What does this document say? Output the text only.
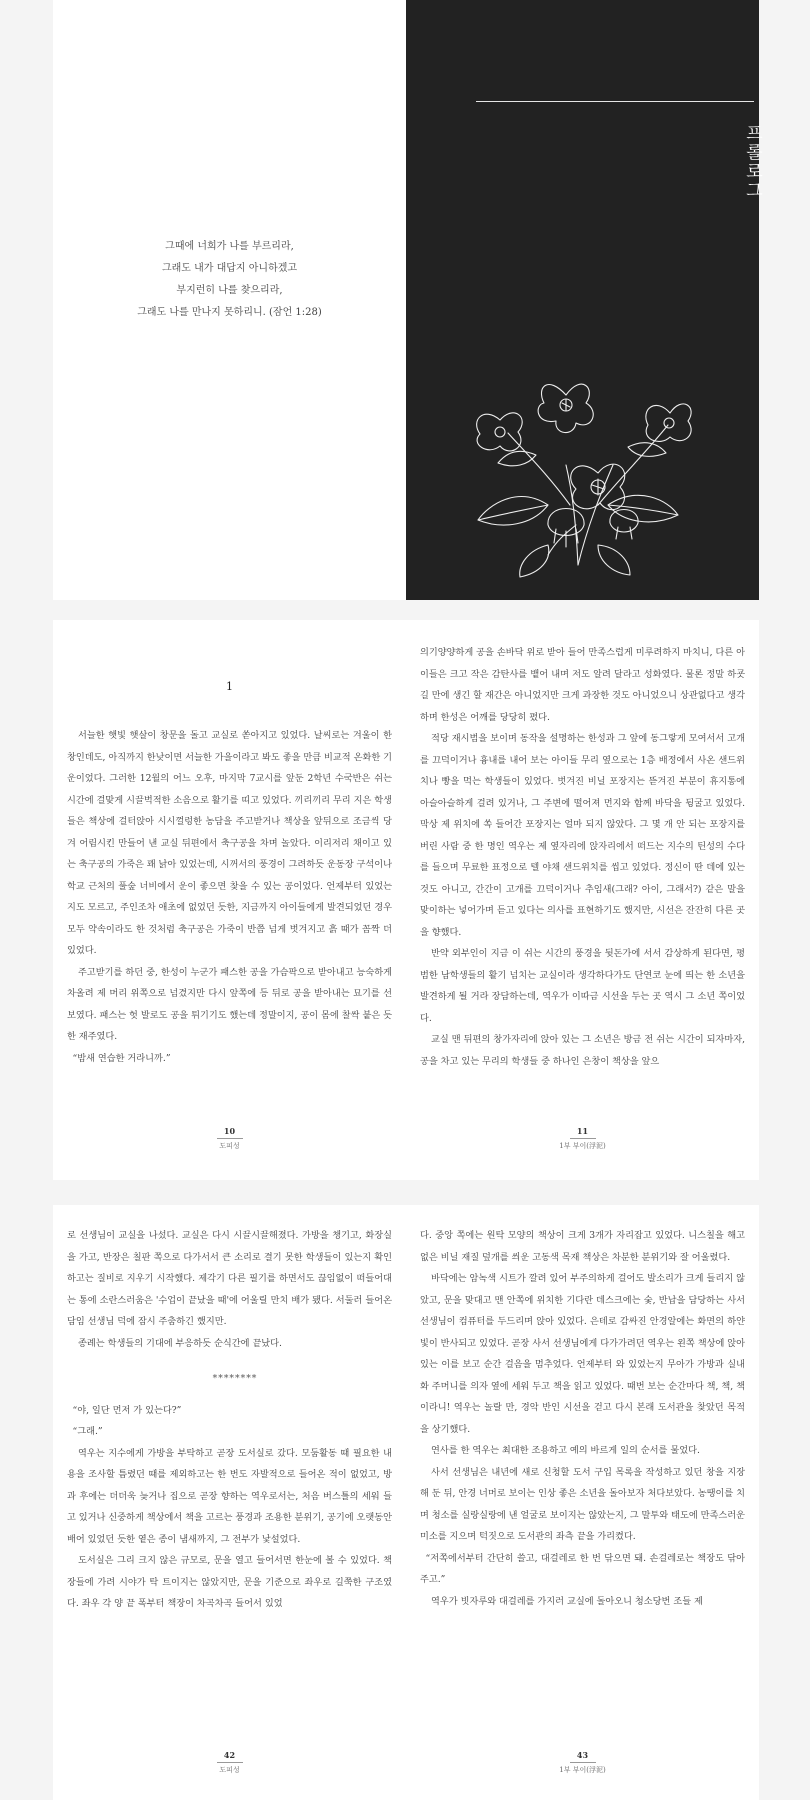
그때에 너희가 나를 부르리라,
그래도 내가 대답지 아니하겠고
부지런히 나를 찾으리라,
그래도 나를 만나지 못하리니. (잠언 1:28)
프롤로그
1

서늘한 햇빛 햇살이 창문을 돌고 교실로 쏟아지고 있었다. 날씨로는 겨울이 한창인데도, 아직까지 한낮이면 서늘한 가을이라고 봐도 좋을 만큼 비교적 온화한 기운이었다. 그러한 12월의 어느 오후, 마지막 7교시를 앞둔 2학년 수국반은 쉬는 시간에 걸맞게 시끌벅적한 소음으로 활기를 띠고 있었다. 끼리끼리 무리 지은 학생들은 책상에 걸터앉아 시시껄렁한 농담을 주고받거나 책상을 앞뒤으로 조금씩 당겨 어림시킨 만들어 낸 교실 뒤편에서 축구공을 차며 놀았다. 이리저리 채이고 있는 축구공의 가죽은 꽤 낡아 있었는데, 시꺼서의 풍경이 그려하듯 운동장 구석이나 학교 근처의 풀숲 너비에서 운이 좋으면 찾을 수 있는 공이었다. 언제부터 있었는지도 모르고, 주인조차 애초에 없었던 듯한, 지금까지 아이들에게 발견되었던 경우 모두 약속이라도 한 것처럼 축구공은 가죽이 반쯤 넘게 벗겨지고 흙 때가 꼼짝 더 있었다.

주고받기를 하던 중, 한성이 누군가 패스한 공을 가슴팍으로 받아내고 능숙하게 차올려 제 머리 위쪽으로 넘겼지만 다시 앞쪽에 등 뒤로 공을 받아내는 묘기를 선보였다. 패스는 헛 발로도 공을 튀기기도 했는데 정말이지, 공이 몸에 찰싹 붙은 듯한 재주였다.

“밤새 연습한 거라니까.”

10
도피성

의기양양하게 공을 손바닥 위로 받아 들어 만족스럽게 미루려하지 마치니, 다른 아이들은 크고 작은 감탄사를 뱉어 내며 저도 알려 달라고 성화였다. 물론 정말 하굣길 만에 생긴 할 재간은 아니었지만 크게 과장한 것도 아니었으니 상관없다고 생각하며 한성은 어깨를 당당히 폈다.

적당 재시범을 보이며 동작을 설명하는 한성과 그 앞에 동그랗게 모여서서 고개를 끄덕이거나 흉내를 내어 보는 아이들 무리 옆으로는 1층 배정에서 사온 샌드위치나 빵을 먹는 학생들이 있었다. 벗겨진 비닐 포장지는 뜯겨진 부분이 휴지통에 아슬아슬하게 걸려 있거나, 그 주변에 떨어져 먼지와 함께 바닥을 뒹굴고 있었다. 막상 제 위치에 쏙 들어간 포장지는 얼마 되지 않았다. 그 몇 개 안 되는 포장지를 버린 사람 중 한 명인 역우는 제 옆자리에 앉자리에서 떠드는 지수의 틴성의 수다를 들으며 무료한 표정으로 텔 야채 샌드위치를 씹고 있었다. 정신이 딴 데에 있는 것도 아니고, 간간이 고개를 끄덕이거나 추임새(그래? 아이, 그래서?) 같은 말을 맞이하는 넣어가며 듣고 있다는 의사를 표현하기도 했지만, 시선은 잔잔히 다른 곳을 향했다.

반약 외부인이 지금 이 쉬는 시간의 풍경을 뒷돈가에 서서 감상하게 된다면, 평범한 남학생들의 활기 넘치는 교실이라 생각하다가도 단연코 눈에 띄는 한 소년을 발견하게 될 거라 장담하는데, 역우가 이따금 시선을 두는 곳 역시 그 소년 쪽이었다.

교실 맨 뒤편의 창가자리에 앉아 있는 그 소년은 방금 전 쉬는 시간이 되자마자, 공을 차고 있는 무리의 학생들 중 하나인 은창이 책상을 앞으

11
1부 부이(浮泥)

로 선생님이 교실을 나섰다. 교실은 다시 시끌시끌해졌다. 가방을 챙기고, 화장실을 가고, 반장은 칠판 쪽으로 다가서서 큰 소리로 결기 못한 학생들이 있는지 확인하고는 질비로 지우기 시작했다. 제각기 다른 필기를 하면서도 끊임없이 떠들어대는 통에 소란스러움은 '수업이 끝났을 때'에 어울릴 만치 배가 됐다. 서둘러 들어온 담임 선생님 덕에 잠시 주춤하긴 했지만.

종례는 학생들의 기대에 부응하듯 순식간에 끝났다.

********

“야, 일단 먼저 가 있는다?”

“그래.”

역우는 지수에게 가방을 부탁하고 곧장 도서실로 갔다. 모둠활동 때 필요한 내용을 조사할 틈렸던 때를 제외하고는 한 번도 자발적으로 들어온 적이 없었고, 방과 후에는 더더욱 늦거나 집으로 곧장 향하는 역우로서는, 처음 버스틀의 세워 들고 있거나 신중하게 책상에서 책을 고르는 풍경과 조용한 분위기, 공기에 오랫동안 배어 있었던 듯한 옅은 종이 냄새까지, 그 전부가 낯설었다.

도서실은 그리 크지 않은 규모로, 문을 열고 들어서면 한눈에 볼 수 있었다. 책장들에 가려 시야가 탁 트이지는 않았지만, 문을 기준으로 좌우로 길쭉한 구조였다. 좌우 각 양 끝 폭부터 책장이 차곡차곡 들어서 있었

42
도피성

다. 중앙 쪽에는 원탁 모양의 책상이 크게 3개가 자리잡고 있었다. 니스칠을 해고 없은 비닐 재질 덮개를 씌운 고동색 목재 책상은 차분한 분위기와 잘 어울렸다.

바닥에는 암녹색 시트가 깔려 있어 부주의하게 걸어도 발소리가 크게 들리지 않았고, 문을 맞대고 맨 안쪽에 위치한 기다란 데스크에는 숯, 반납을 담당하는 사서 선생님이 컴퓨터를 두드리며 앉아 있었다. 은테로 감싸진 안경알에는 화면의 하얀 빛이 반사되고 있었다. 곧장 사서 선생님에게 다가가려던 역우는 왼쪽 책상에 앉아 있는 이를 보고 순간 걸음을 멈추었다. 언제부터 와 있었는지 무아가 가방과 실내화 주머니를 의자 옆에 세워 두고 책을 읽고 있었다. 때번 보는 순간마다 책, 책, 책이라니! 역우는 놀랄 만, 경악 반인 시선을 걷고 다시 본래 도서관을 찾았던 목적을 상기했다.

연사를 한 역우는 최대한 조용하고 예의 바르게 일의 순서를 물었다.

사서 선생님은 내년에 새로 신청할 도서 구입 목록을 작성하고 있던 창을 지장해 둔 뒤, 안경 너머로 보이는 인상 좋은 소년을 돌아보자 처다보았다. 농땡이를 치며 청소를 실랑실랑에 낸 얼굴로 보이지는 않았는지, 그 말투와 태도에 만족스러운 미소를 지으며 턱짓으로 도서관의 좌측 끝을 가리켰다.

“저쪽에서부터 간단히 쓸고, 대걸레로 한 번 닦으면 돼. 손걸레로는 책장도 닦아 주고.”

역우가 빗자루와 대걸레를 가지러 교실에 돌아오니 청소당번 조들 제

43
1부 부이(浮泥)
